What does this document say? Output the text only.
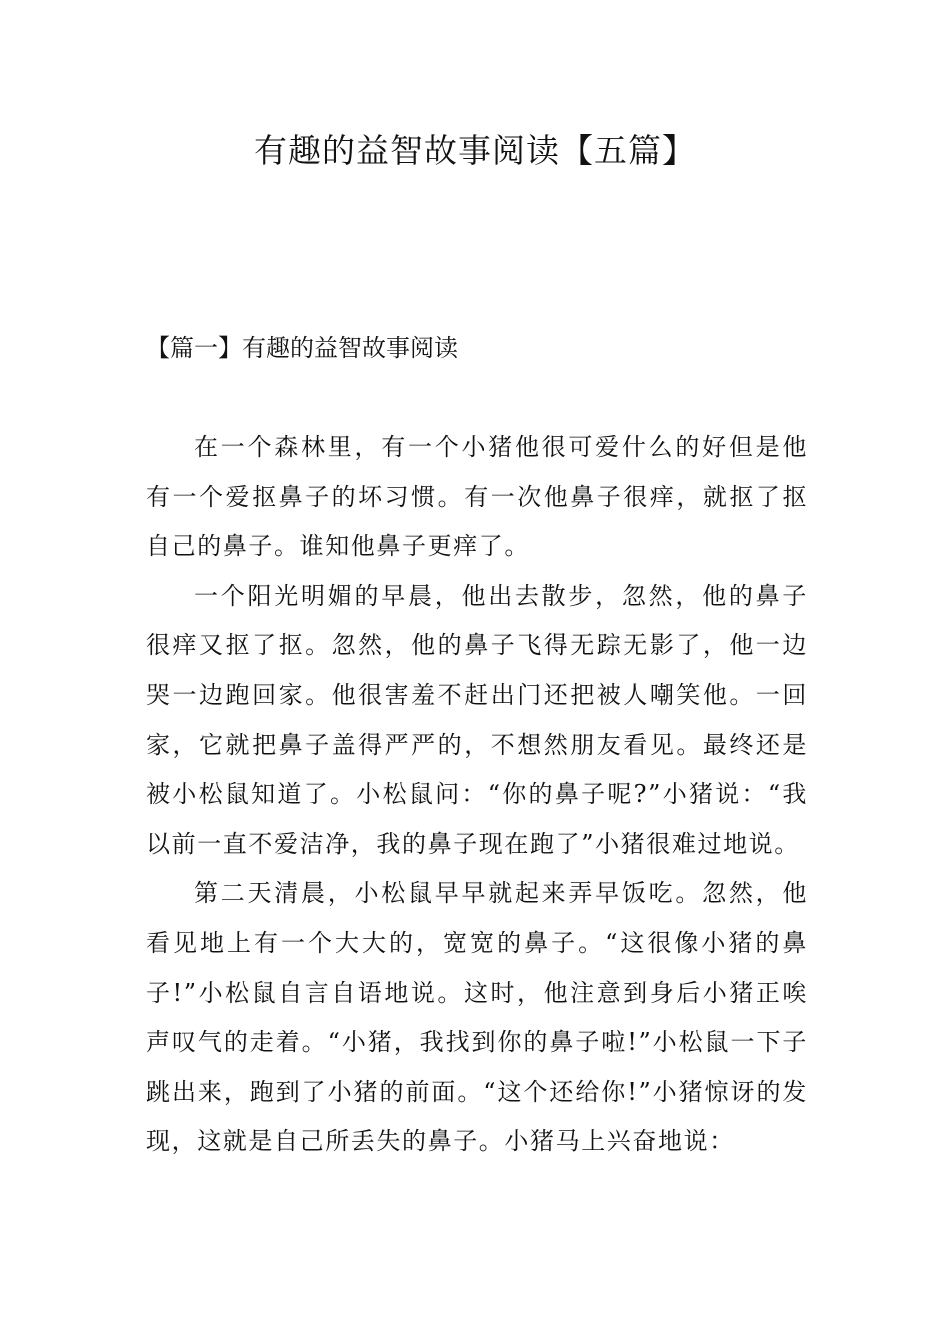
有趣的益智故事阅读【五篇】
【篇一】有趣的益智故事阅读

在一个森林里，有一个小猪他很可爱什么的好但是他有一个爱抠鼻子的坏习惯。有一次他鼻子很痒，就抠了抠自己的鼻子。谁知他鼻子更痒了。

一个阳光明媚的早晨，他出去散步，忽然，他的鼻子很痒又抠了抠。忽然，他的鼻子飞得无踪无影了，他一边哭一边跑回家。他很害羞不赶出门还把被人嘲笑他。一回家，它就把鼻子盖得严严的，不想然朋友看见。最终还是被小松鼠知道了。小松鼠问：“你的鼻子呢?”小猪说：“我以前一直不爱洁净，我的鼻子现在跑了”小猪很难过地说。

第二天清晨，小松鼠早早就起来弄早饭吃。忽然，他看见地上有一个大大的，宽宽的鼻子。“这很像小猪的鼻子!”小松鼠自言自语地说。这时，他注意到身后小猪正唉声叹气的走着。“小猪，我找到你的鼻子啦!”小松鼠一下子跳出来，跑到了小猪的前面。“这个还给你!”小猪惊讶的发现，这就是自己所丢失的鼻子。小猪马上兴奋地说：
